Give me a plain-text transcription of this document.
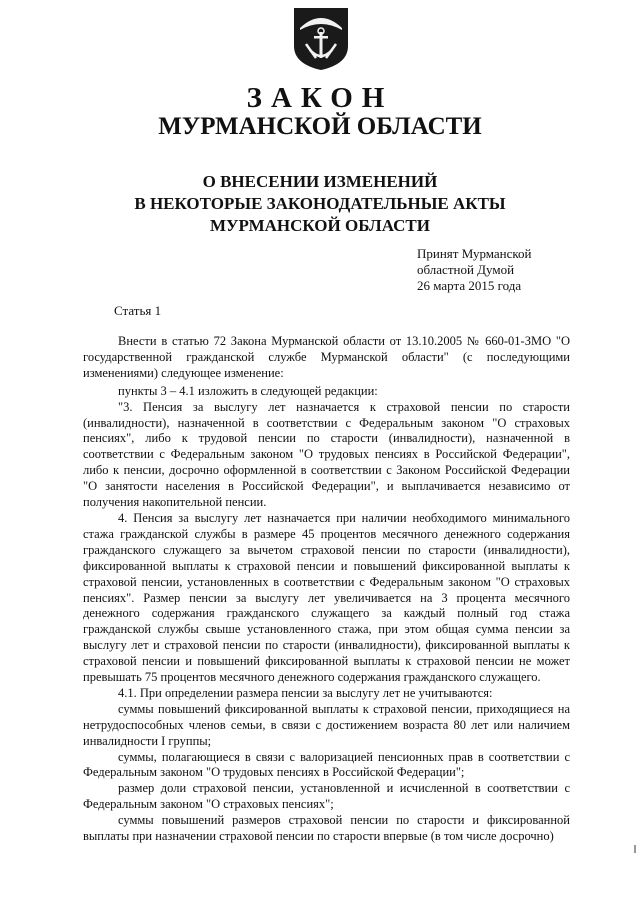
ЗАКОН
МУРМАНСКОЙ ОБЛАСТИ
О ВНЕСЕНИИ ИЗМЕНЕНИЙ
В НЕКОТОРЫЕ ЗАКОНОДАТЕЛЬНЫЕ АКТЫ
МУРМАНСКОЙ ОБЛАСТИ
Принят Мурманской
областной Думой
26 марта 2015 года
Статья 1

Внести в статью 72 Закона Мурманской области от 13.10.2005 № 660-01-ЗМО "О государственной гражданской службе Мурманской области" (с последующими изменениями) следующее изменение:

пункты 3 – 4.1 изложить в следующей редакции:

"3. Пенсия за выслугу лет назначается к страховой пенсии по старости (инвалидности), назначенной в соответствии с Федеральным законом "О страховых пенсиях", либо к трудовой пенсии по старости (инвалидности), назначенной в соответствии с Федеральным законом "О трудовых пенсиях в Российской Федерации", либо к пенсии, досрочно оформленной в соответствии с Законом Российской Федерации "О занятости населения в Российской Федерации", и выплачивается независимо от получения накопительной пенсии.

4. Пенсия за выслугу лет назначается при наличии необходимого минимального стажа гражданской службы в размере 45 процентов месячного денежного содержания гражданского служащего за вычетом страховой пенсии по старости (инвалидности), фиксированной выплаты к страховой пенсии и повышений фиксированной выплаты к страховой пенсии, установленных в соответствии с Федеральным законом "О страховых пенсиях". Размер пенсии за выслугу лет увеличивается на 3 процента месячного денежного содержания гражданского служащего за каждый полный год стажа гражданской службы свыше установленного стажа, при этом общая сумма пенсии за выслугу лет и страховой пенсии по старости (инвалидности), фиксированной выплаты к страховой пенсии и повышений фиксированной выплаты к страховой пенсии не может превышать 75 процентов месячного денежного содержания гражданского служащего.

4.1. При определении размера пенсии за выслугу лет не учитываются:

суммы повышений фиксированной выплаты к страховой пенсии, приходящиеся на нетрудоспособных членов семьи, в связи с достижением возраста 80 лет или наличием инвалидности I группы;

суммы, полагающиеся в связи с валоризацией пенсионных прав в соответствии с Федеральным законом "О трудовых пенсиях в Российской Федерации";

размер доли страховой пенсии, установленной и исчисленной в соответствии с Федеральным законом "О страховых пенсиях";

суммы повышений размеров страховой пенсии по старости и фиксированной выплаты при назначении страховой пенсии по старости впервые (в том числе досрочно)
